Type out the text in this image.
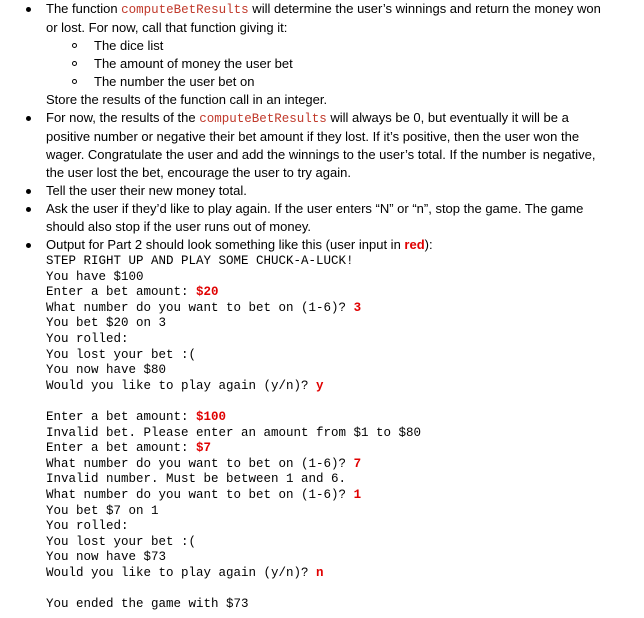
The function computeBetResults will determine the user’s winnings and return the money won
or lost. For now, call that function giving it:
The dice list
The amount of money the user bet
The number the user bet on
Store the results of the function call in an integer.
For now, the results of the computeBetResults will always be 0, but eventually it will be a
positive number or negative their bet amount if they lost. If it’s positive, then the user won the
wager. Congratulate the user and add the winnings to the user’s total. If the number is negative,
the user lost the bet, encourage the user to try again.
Tell the user their new money total.
Ask the user if they’d like to play again. If the user enters “N” or “n”, stop the game. The game
should also stop if the user runs out of money.
Output for Part 2 should look something like this (user input in red):
STEP RIGHT UP AND PLAY SOME CHUCK-A-LUCK!
You have $100
Enter a bet amount: $20
What number do you want to bet on (1-6)? 3
You bet $20 on 3
You rolled:
You lost your bet :(
You now have $80
Would you like to play again (y/n)? y
Enter a bet amount: $100
Invalid bet. Please enter an amount from $1 to $80
Enter a bet amount: $7
What number do you want to bet on (1-6)? 7
Invalid number. Must be between 1 and 6.
What number do you want to bet on (1-6)? 1
You bet $7 on 1
You rolled:
You lost your bet :(
You now have $73
Would you like to play again (y/n)? n
You ended the game with $73
